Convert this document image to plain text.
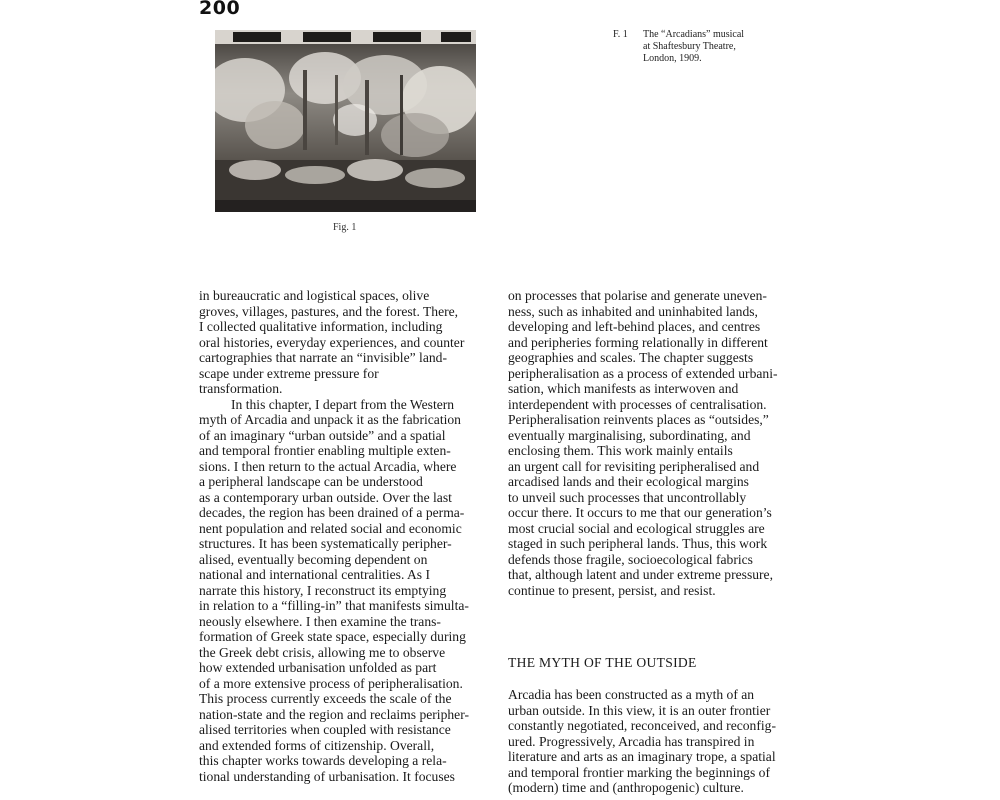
200
Fig. 1
F. 1	The “Arcadians” musical
at Shaftesbury Theatre,
London, 1909.
in bureaucratic and logistical spaces, olive
groves, villages, pastures, and the forest. There,
I collected qualitative information, including
oral histories, everyday experiences, and counter
cartographies that narrate an “invisible” land-
scape under extreme pressure for
transformation.
In this chapter, I depart from the Western
myth of Arcadia and unpack it as the fabrication
of an imaginary “urban outside” and a spatial
and temporal frontier enabling multiple exten-
sions. I then return to the actual Arcadia, where
a peripheral landscape can be understood
as a contemporary urban outside. Over the last
decades, the region has been drained of a perma-
nent population and related social and economic
structures. It has been systematically peripher-
alised, eventually becoming dependent on
national and international centralities. As I
narrate this history, I reconstruct its emptying
in relation to a “filling-in” that manifests simulta-
neously elsewhere. I then examine the trans-
formation of Greek state space, especially during
the Greek debt crisis, allowing me to observe
how extended urbanisation unfolded as part
of a more extensive process of peripheralisation.
This process currently exceeds the scale of the
nation-state and the region and reclaims peripher-
alised territories when coupled with resistance
and extended forms of citizenship. Overall,
this chapter works towards developing a rela-
tional understanding of urbanisation. It focuses
on processes that polarise and generate uneven-
ness, such as inhabited and uninhabited lands,
developing and left-behind places, and centres
and peripheries forming relationally in different
geographies and scales. The chapter suggests
peripheralisation as a process of extended urbani-
sation, which manifests as interwoven and
interdependent with processes of centralisation.
Peripheralisation reinvents places as “outsides,”
eventually marginalising, subordinating, and
enclosing them. This work mainly entails
an urgent call for revisiting peripheralised and
arcadised lands and their ecological margins
to unveil such processes that uncontrollably
occur there. It occurs to me that our generation’s
most crucial social and ecological struggles are
staged in such peripheral lands. Thus, this work
defends those fragile, socioecological fabrics
that, although latent and under extreme pressure,
continue to present, persist, and resist.
THE MYTH OF THE OUTSIDE
Arcadia has been constructed as a myth of an
urban outside. In this view, it is an outer frontier
constantly negotiated, reconceived, and reconfig-
ured. Progressively, Arcadia has transpired in
literature and arts as an imaginary trope, a spatial
and temporal frontier marking the beginnings of
(modern) time and (anthropogenic) culture.
